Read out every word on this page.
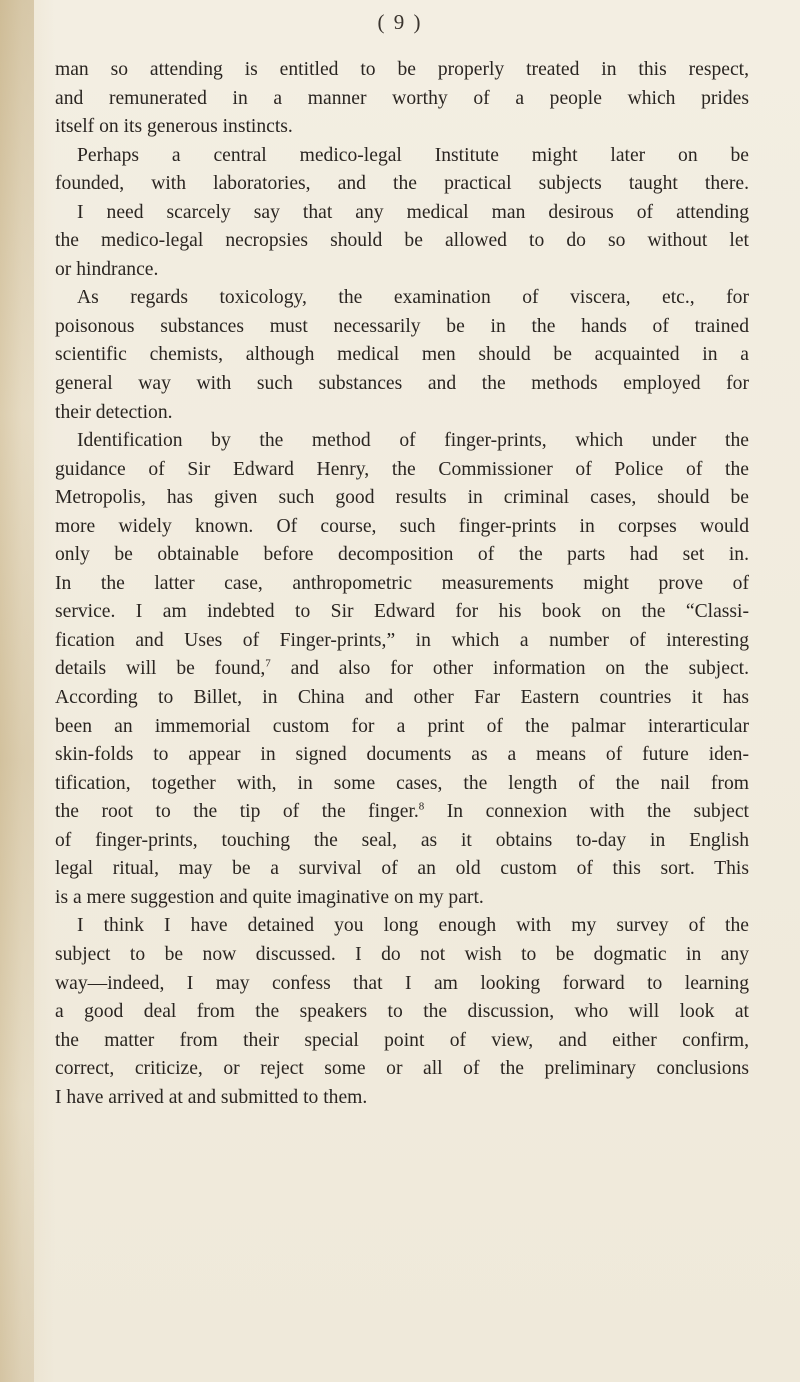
( 9 )
man so attending is entitled to be properly treated in this respect,
and remunerated in a manner worthy of a people which prides
itself on its generous instincts.
Perhaps a central medico-legal Institute might later on be
founded, with laboratories, and the practical subjects taught there.
I need scarcely say that any medical man desirous of attending
the medico-legal necropsies should be allowed to do so without let
or hindrance.
As regards toxicology, the examination of viscera, etc., for
poisonous substances must necessarily be in the hands of trained
scientific chemists, although medical men should be acquainted in a
general way with such substances and the methods employed for
their detection.
Identification by the method of finger-prints, which under the
guidance of Sir Edward Henry, the Commissioner of Police of the
Metropolis, has given such good results in criminal cases, should be
more widely known. Of course, such finger-prints in corpses would
only be obtainable before decomposition of the parts had set in.
In the latter case, anthropometric measurements might prove of
service. I am indebted to Sir Edward for his book on the “Classi-
fication and Uses of Finger-prints,” in which a number of interesting
details will be found,$^7$ and also for other information on the subject.
According to Billet, in China and other Far Eastern countries it has
been an immemorial custom for a print of the palmar interarticular
skin-folds to appear in signed documents as a means of future iden-
tification, together with, in some cases, the length of the nail from
the root to the tip of the finger.$^8$ In connexion with the subject
of finger-prints, touching the seal, as it obtains to-day in English
legal ritual, may be a survival of an old custom of this sort. This
is a mere suggestion and quite imaginative on my part.
I think I have detained you long enough with my survey of the
subject to be now discussed. I do not wish to be dogmatic in any
way—indeed, I may confess that I am looking forward to learning
a good deal from the speakers to the discussion, who will look at
the matter from their special point of view, and either confirm,
correct, criticize, or reject some or all of the preliminary conclusions
I have arrived at and submitted to them.
